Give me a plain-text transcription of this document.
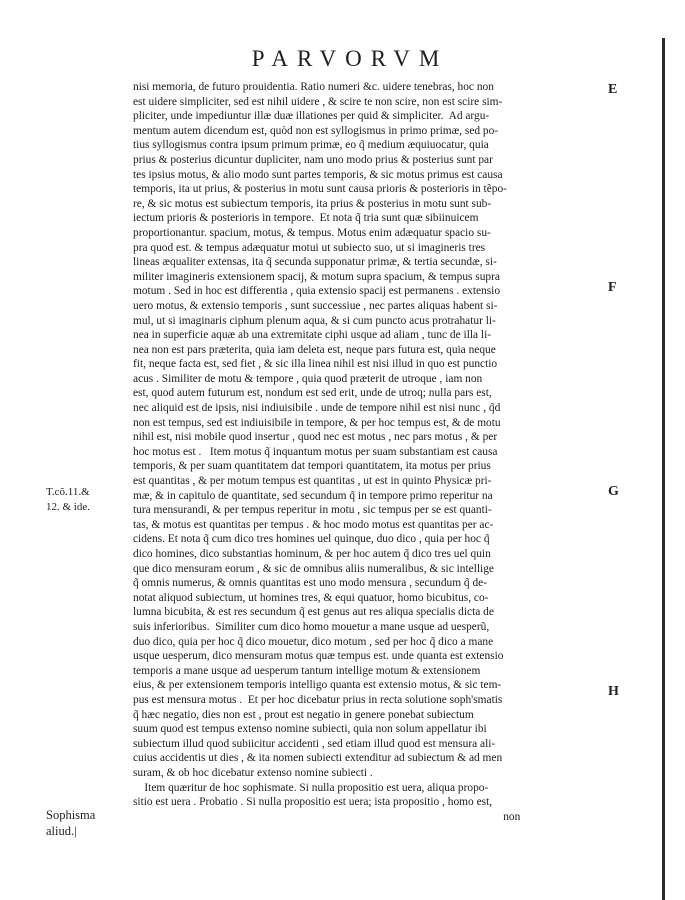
PARVORVM
E
F
G
H
T.cõ.11.&
12. & ide.
Sophisma
aliud.|
nisi memoria, de futuro prouidentia. Ratio numeri &c. uidere tenebras, hoc non
est uidere simpliciter, sed est nihil uidere , & scire te non scire, non est scire sim-
pliciter, unde impediuntur illæ duæ illationes per quid & simpliciter.  Ad argu-
mentum autem dicendum est, quòd non est syllogismus in primo primæ, sed po-
tius syllogismus contra ipsum primum primæ, eo q̃ medium æquiuocatur, quia
prius & posterius dicuntur dupliciter, nam uno modo prius & posterius sunt par
tes ipsius motus, & alio modo sunt partes temporis, & sic motus primus est causa
temporis, ita ut prius, & posterius in motu sunt causa prioris & posterioris in tẽpo-
re, & sic motus est subiectum temporis, ita prius & posterius in motu sunt sub-
iectum prioris & posterioris in tempore.  Et nota q̃ tria sunt quæ sibiinuicem
proportionantur. spacium, motus, & tempus. Motus enim adæquatur spacio su-
pra quod est. & tempus adæquatur motui ut subiecto suo, ut si imagineris tres
lineas æqualiter extensas, ita q̃ secunda supponatur primæ, & tertia secundæ, si-
militer imagineris extensionem spacij, & motum supra spacium, & tempus supra
motum . Sed in hoc est differentia , quia extensio spacij est permanens . extensio
uero motus, & extensio temporis , sunt successiue , nec partes aliquas habent si-
mul, ut si imaginaris ciphum plenum aqua, & si cum puncto acus protrahatur li-
nea in superficie aquæ ab una extremitate ciphi usque ad aliam , tunc de illa li-
nea non est pars præterita, quia iam deleta est, neque pars futura est, quia neque
fit, neque facta est, sed fiet , & sic illa linea nihil est nisi illud in quo est punctio
acus . Similiter de motu & tempore , quia quod præterit de utroque , iam non
est, quod autem futurum est, nondum est sed erit, unde de utroq; nulla pars est,
nec aliquid est de ipsis, nisi indiuisibile . unde de tempore nihil est nisi nunc , q̃d
non est tempus, sed est indiuisibile in tempore, & per hoc tempus est, & de motu
nihil est, nisi mobile quod insertur , quod nec est motus , nec pars motus , & per
hoc motus est .   Item motus q̃ inquantum motus per suam substantiam est causa
temporis, & per suam quantitatem dat tempori quantitatem, ita motus per prius
est quantitas , & per motum tempus est quantitas , ut est in quinto Physicæ pri-
mæ, & in capitulo de quantitate, sed secundum q̃ in tempore primo reperitur na
tura mensurandi, & per tempus reperitur in motu , sic tempus per se est quanti-
tas, & motus est quantitas per tempus . & hoc modo motus est quantitas per ac-
cidens. Et nota q̃ cum dico tres homines uel quinque, duo dico , quia per hoc q̃
dico homines, dico substantias hominum, & per hoc autem q̃ dico tres uel quin
que dico mensuram eorum , & sic de omnibus aliis numeralibus, & sic intellige
q̃ omnis numerus, & omnis quantitas est uno modo mensura , secundum q̃ de-
notat aliquod subiectum, ut homines tres, & equi quatuor, homo bicubitus, co-
lumna bicubita, & est res secundum q̃ est genus aut res aliqua specialis dicta de
suis inferioribus.  Similiter cum dico homo mouetur a mane usque ad uesperũ,
duo dico, quia per hoc q̃ dico mouetur, dico motum , sed per hoc q̃ dico a mane
usque uesperum, dico mensuram motus quæ tempus est. unde quanta est extensio
temporis a mane usque ad uesperum tantum intellige motum & extensionem
eius, & per extensionem temporis intelligo quanta est extensio motus, & sic tem-
pus est mensura motus .  Et per hoc dicebatur prius in recta solutione soph'smatis
q̃ hæc negatio, dies non est , prout est negatio in genere ponebat subiectum
suum quod est tempus extenso nomine subiecti, quia non solum appellatur ibi
subiectum illud quod subiicitur accidenti , sed etiam illud quod est mensura ali-
cuius accidentis ut dies , & ita nomen subiecti extenditur ad subiectum & ad men
suram, & ob hoc dicebatur extenso nomine subiecti .
Item quæritur de hoc sophismate. Si nulla propositio est uera, aliqua propo-
sitio est uera . Probatio . Si nulla propositio est uera; ista propositio , homo est,
non
